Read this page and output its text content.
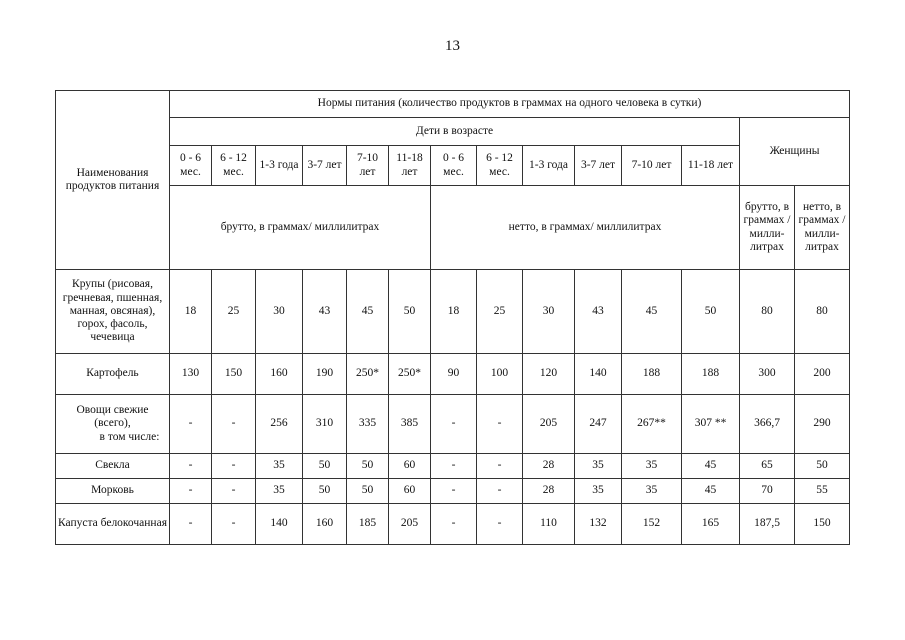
13
Наименования продуктов питания	Нормы питания (количество продуктов в граммах на одного человека в сутки)													
	Дети в возрасте												Женщины	
	0 - 6 мес.	6 - 12 мес.	1-3 года	3-7 лет	7-10 лет	11-18 лет	0 - 6 мес.	6 - 12 мес.	1-3 года	3-7 лет	7-10 лет	11-18 лет		
	брутто, в граммах/ миллилитрах						нетто, в граммах/ миллилитрах						брутто, в граммах / милли-литрах	нетто, в граммах / милли-литрах

Крупы (рисовая, гречневая, пшенная, манная, овсяная), горох, фасоль, чечевица	18	25	30	43	45	50	18	25	30	43	45	50	80	80

Картофель	130	150	160	190	250*	250*	90	100	120	140	188	188	300	200

Овощи свежие (всего),
в том числе:	-	-	256	310	335	385	-	-	205	247	267**	307 **	366,7	290

Свекла	-	-	35	50	50	60	-	-	28	35	35	45	65	50

Морковь	-	-	35	50	50	60	-	-	28	35	35	45	70	55

Капуста белокочанная	-	-	140	160	185	205	-	-	110	132	152	165	187,5	150
